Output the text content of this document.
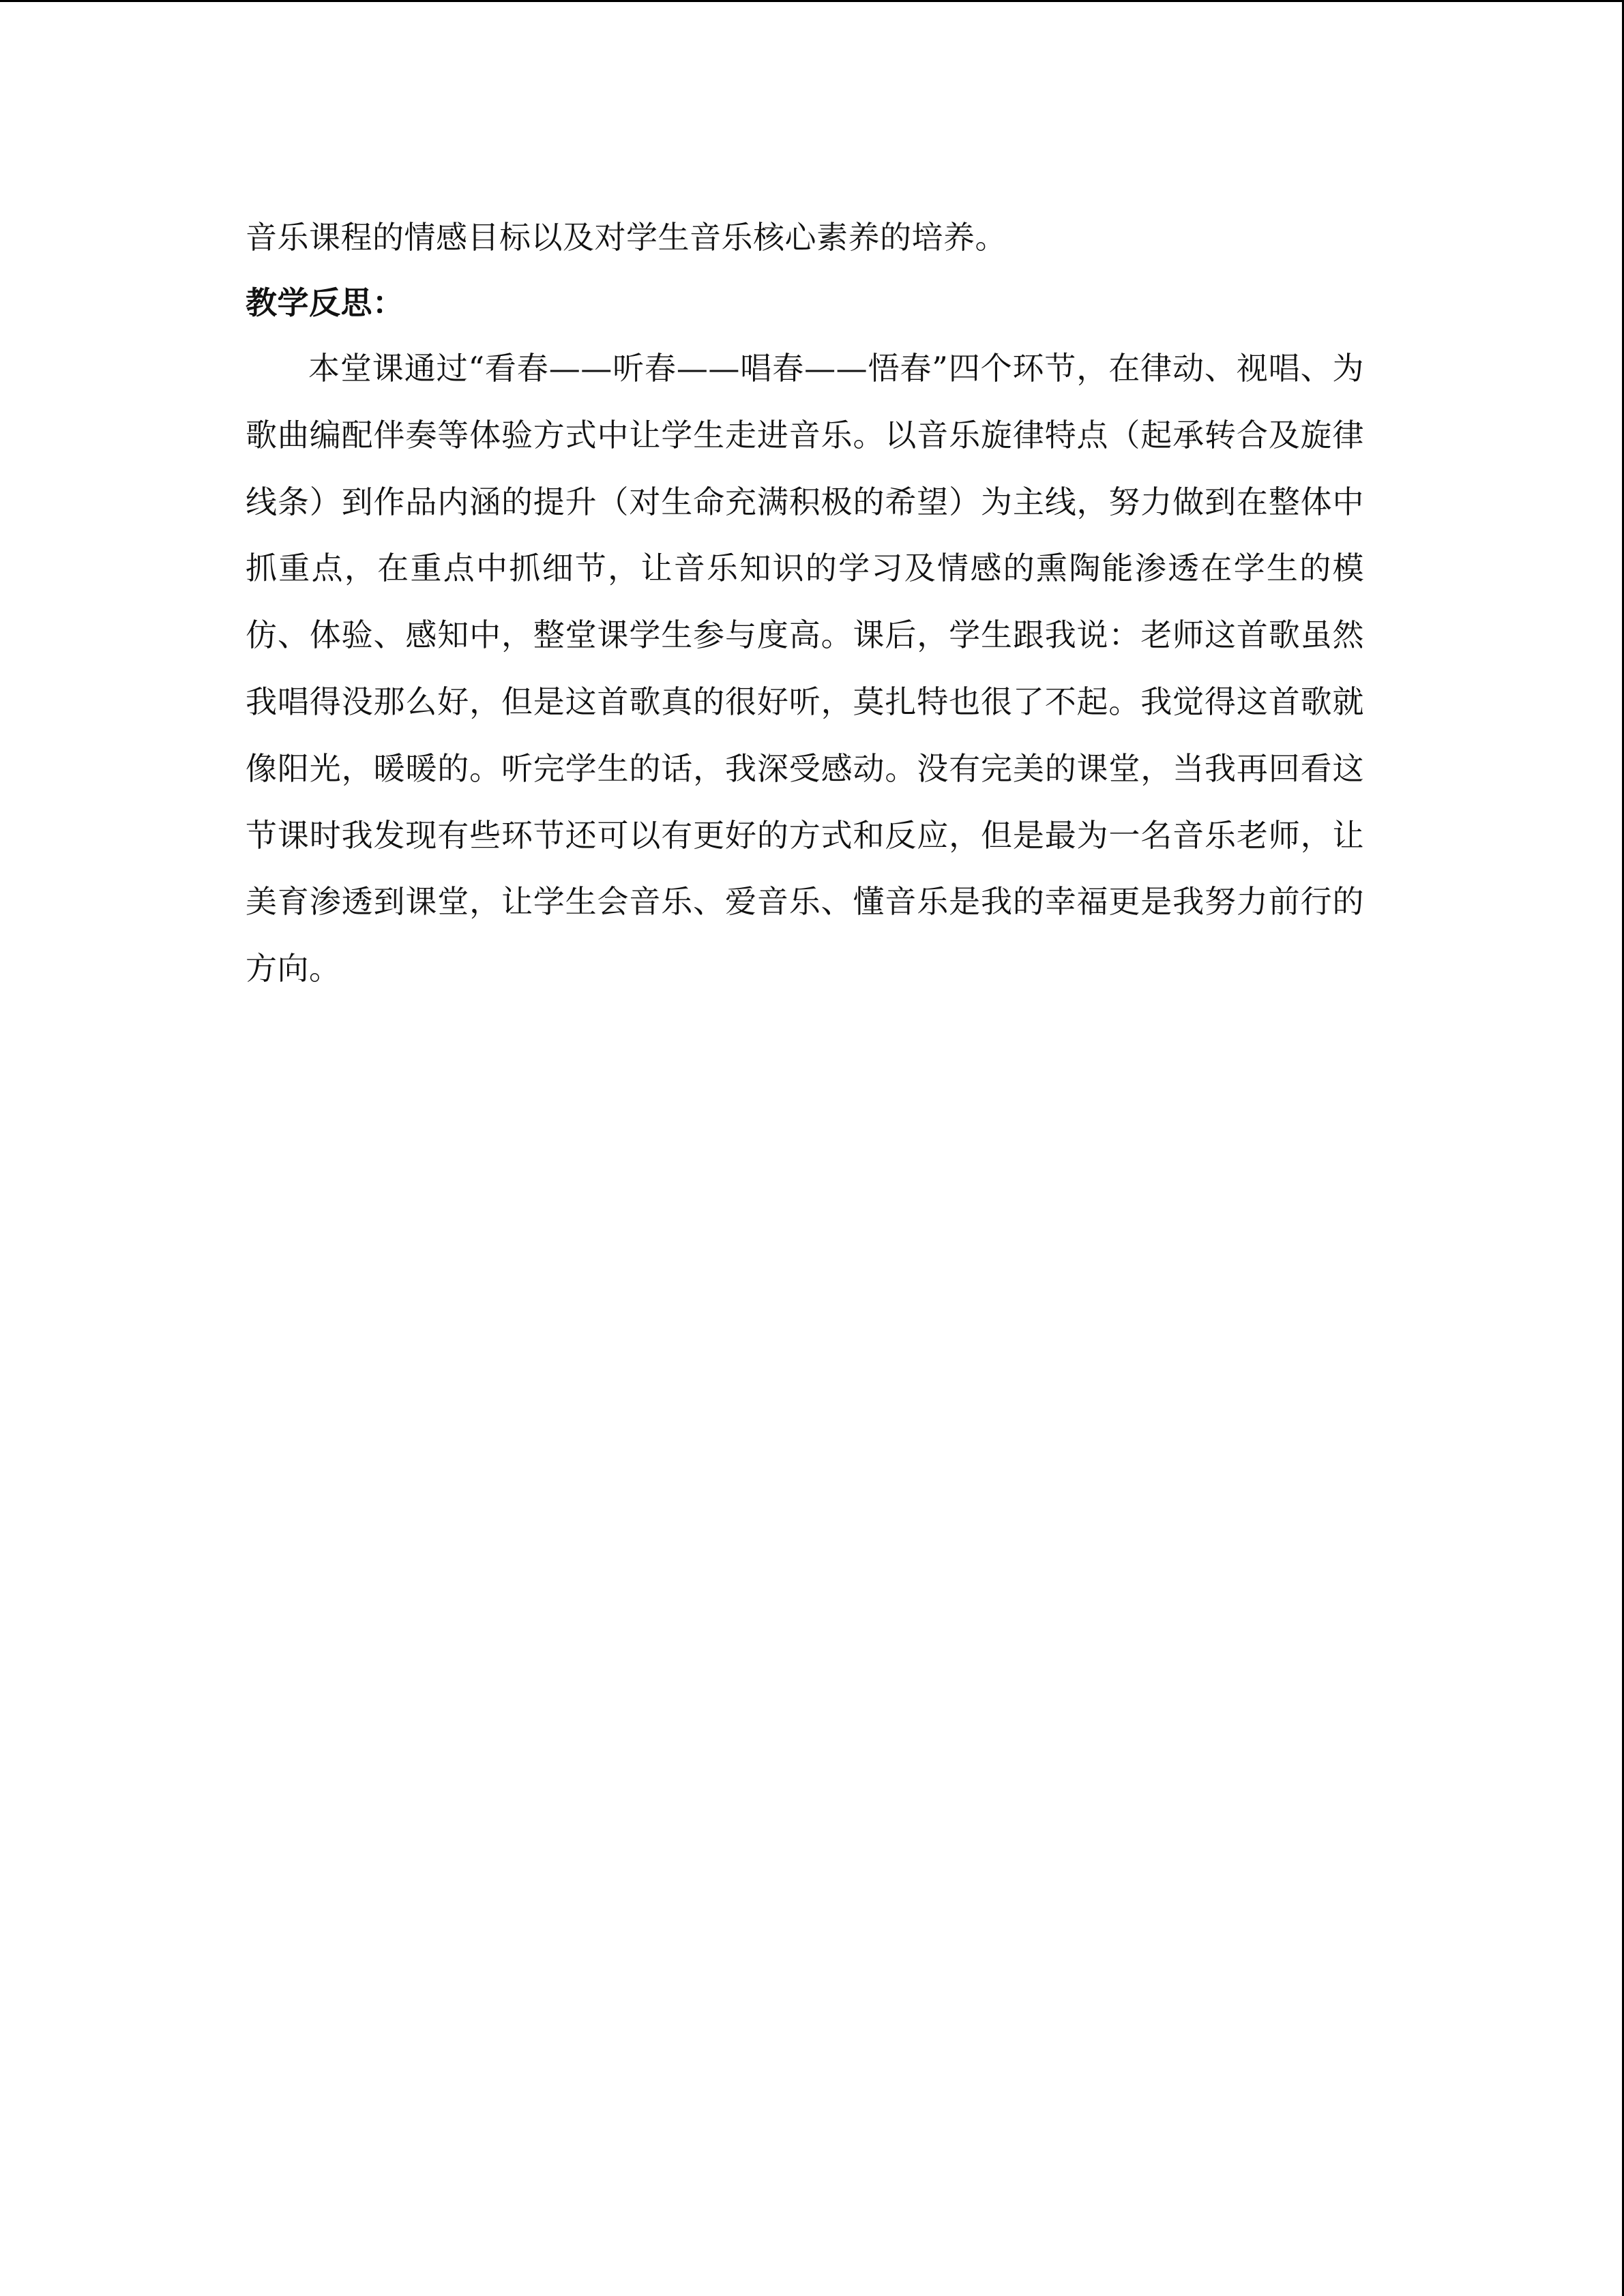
音乐课程的情感目标以及对学生音乐核心素养的培养。
教学反思：

本堂课通过“看春——听春——唱春——悟春”四个环节，在律动、视唱、为歌曲编配伴奏等体验方式中让学生走进音乐。以音乐旋律特点（起承转合及旋律线条）到作品内涵的提升（对生命充满积极的希望）为主线，努力做到在整体中抓重点，在重点中抓细节，让音乐知识的学习及情感的熏陶能渗透在学生的模仿、体验、感知中，整堂课学生参与度高。课后，学生跟我说：老师这首歌虽然我唱得没那么好，但是这首歌真的很好听，莫扎特也很了不起。我觉得这首歌就像阳光，暖暖的。听完学生的话，我深受感动。没有完美的课堂，当我再回看这节课时我发现有些环节还可以有更好的方式和反应，但是最为一名音乐老师，让美育渗透到课堂，让学生会音乐、爱音乐、懂音乐是我的幸福更是我努力前行的方向。
